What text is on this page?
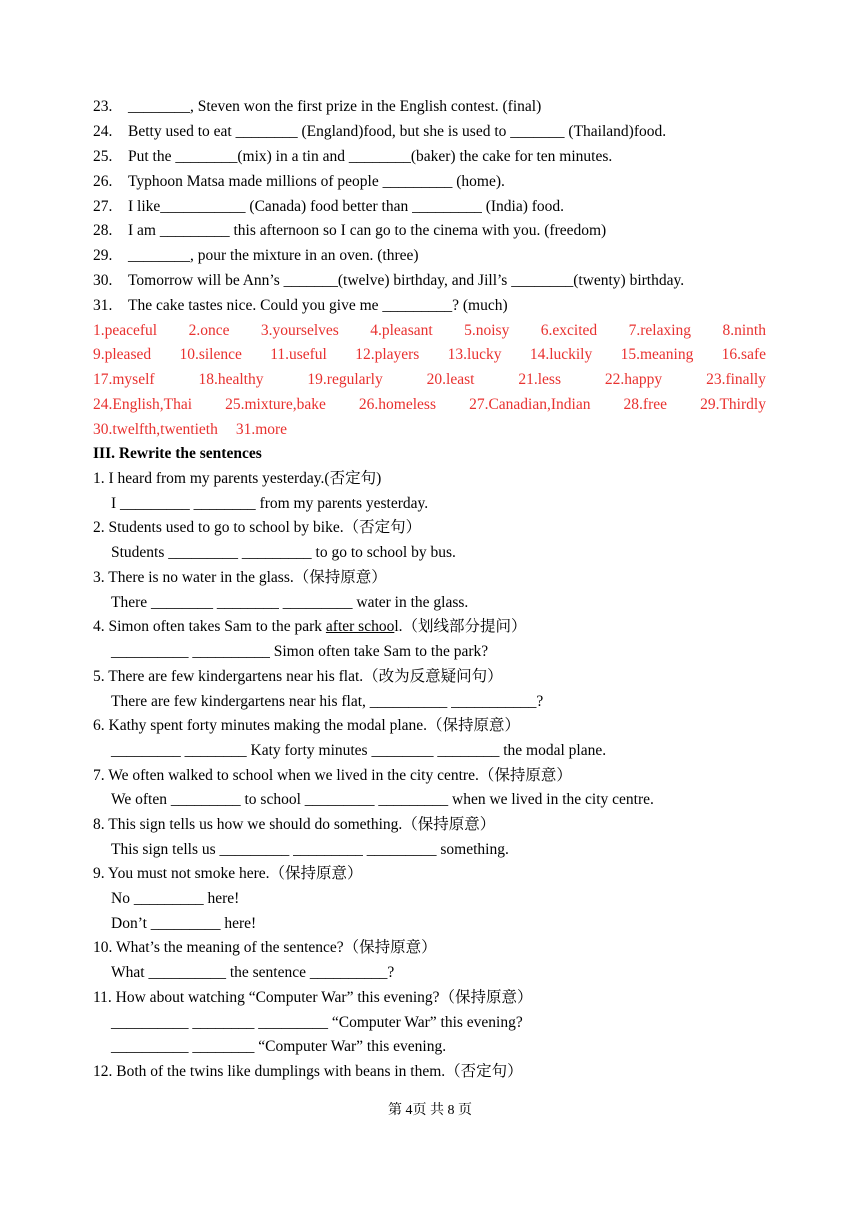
23. ________, Steven won the first prize in the English contest. (final)
24. Betty used to eat ________ (England)food, but she is used to _______ (Thailand)food.
25. Put the ________(mix) in a tin and ________(baker) the cake for ten minutes.
26. Typhoon Matsa made millions of people _________ (home).
27. I like___________ (Canada) food better than _________ (India) food.
28. I am _________ this afternoon so I can go to the cinema with you. (freedom)
29. ________, pour the mixture in an oven. (three)
30. Tomorrow will be Ann’s _______(twelve) birthday, and Jill’s ________(twenty) birthday.
31. The cake tastes nice. Could you give me _________? (much)
1.peaceful 2.once 3.yourselves 4.pleasant 5.noisy 6.excited 7.relaxing 8.ninth
9.pleased 10.silence 11.useful 12.players 13.lucky 14.luckily 15.meaning 16.safe
17.myself	18.healthy	19.regularly	20.least	21.less	22.happy	23.finally
24.English,Thai 25.mixture,bake 26.homeless 27.Canadian,Indian 28.free 29.Thirdly
30.twelfth,twentieth 31.more
III. Rewrite the sentences
1. I heard from my parents yesterday.(否定句)
I _________ ________ from my parents yesterday.
2. Students used to go to school by bike.（否定句）
Students _________ _________ to go to school by bus.
3. There is no water in the glass.（保持原意）
There ________ ________ _________ water in the glass.
4. Simon often takes Sam to the park after school.（划线部分提问）
__________ __________ Simon often take Sam to the park?
5. There are few kindergartens near his flat.（改为反意疑问句）
There are few kindergartens near his flat, __________ ___________?
6. Kathy spent forty minutes making the modal plane.（保持原意）
_________ ________ Katy forty minutes ________ ________ the modal plane.
7. We often walked to school when we lived in the city centre.（保持原意）
We often _________ to school _________ _________ when we lived in the city centre.
8. This sign tells us how we should do something.（保持原意）
This sign tells us _________ _________ _________ something.
9. You must not smoke here.（保持原意）
No _________ here!
Don’t _________ here!
10. What’s the meaning of the sentence?（保持原意）
What __________ the sentence __________?
11. How about watching “Computer War” this evening?（保持原意）
__________ ________ _________ “Computer War” this evening?
__________ ________ “Computer War” this evening.
12. Both of the twins like dumplings with beans in them.（否定句）
第 4页 共 8 页
